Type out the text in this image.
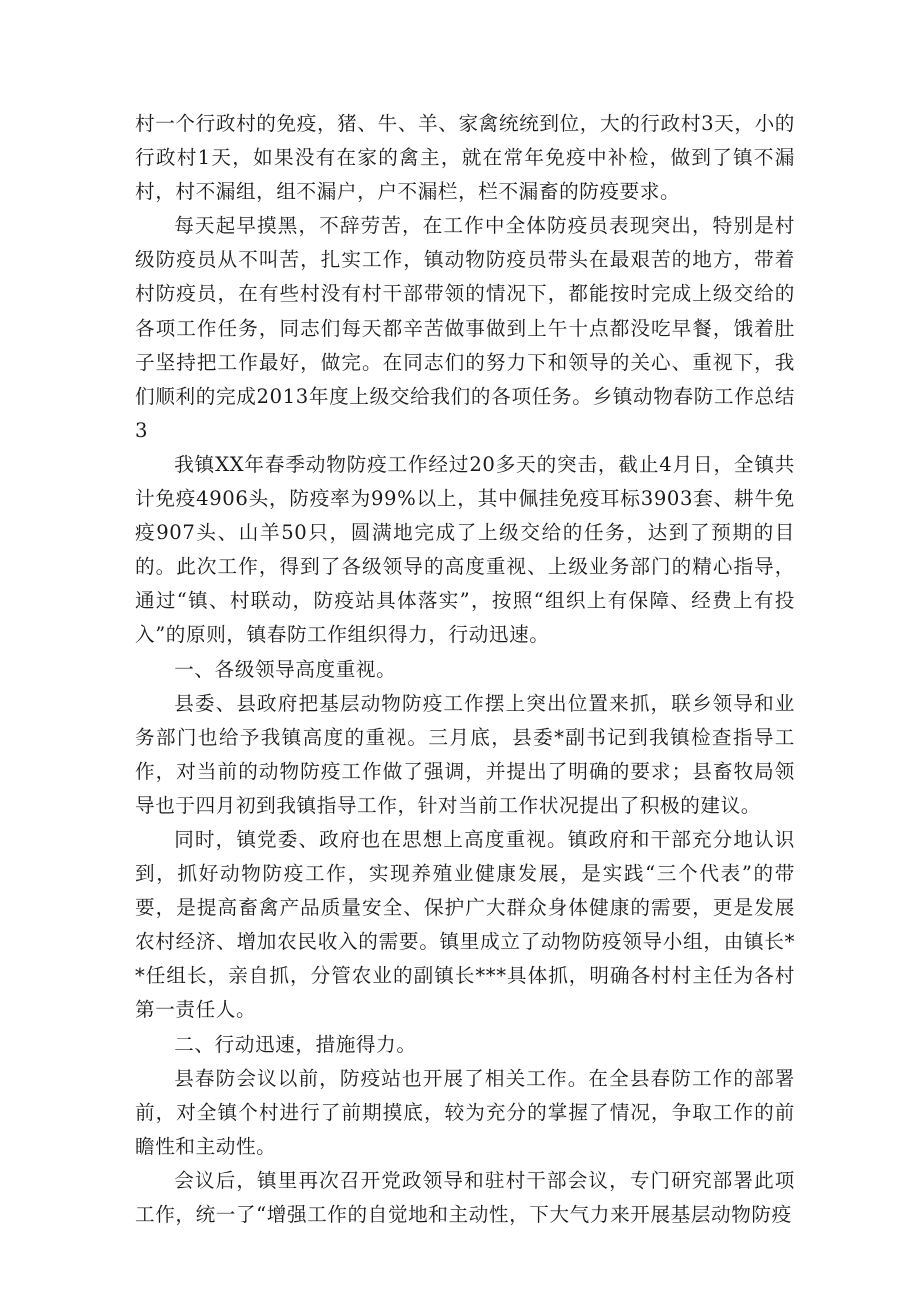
村一个行政村的免疫，猪、牛、羊、家禽统统到位，大的行政村3天，小的行政村1天，如果没有在家的禽主，就在常年免疫中补检，做到了镇不漏村，村不漏组，组不漏户，户不漏栏，栏不漏畜的防疫要求。

每天起早摸黑，不辞劳苦，在工作中全体防疫员表现突出，特别是村级防疫员从不叫苦，扎实工作，镇动物防疫员带头在最艰苦的地方，带着村防疫员，在有些村没有村干部带领的情况下，都能按时完成上级交给的各项工作任务，同志们每天都辛苦做事做到上午十点都没吃早餐，饿着肚子坚持把工作最好，做完。在同志们的努力下和领导的关心、重视下，我们顺利的完成2013年度上级交给我们的各项任务。乡镇动物春防工作总结3

我镇XX年春季动物防疫工作经过20多天的突击，截止4月日，全镇共计免疫4906头，防疫率为99%以上，其中佩挂免疫耳标3903套、耕牛免疫907头、山羊50只，圆满地完成了上级交给的任务，达到了预期的目的。此次工作，得到了各级领导的高度重视、上级业务部门的精心指导，通过“镇、村联动，防疫站具体落实”，按照“组织上有保障、经费上有投入”的原则，镇春防工作组织得力，行动迅速。

一、各级领导高度重视。

县委、县政府把基层动物防疫工作摆上突出位置来抓，联乡领导和业务部门也给予我镇高度的重视。三月底，县委*副书记到我镇检查指导工作，对当前的动物防疫工作做了强调，并提出了明确的要求；县畜牧局领导也于四月初到我镇指导工作，针对当前工作状况提出了积极的建议。

同时，镇党委、政府也在思想上高度重视。镇政府和干部充分地认识到，抓好动物防疫工作，实现养殖业健康发展，是实践“三个代表”的带要，是提高畜禽产品质量安全、保护广大群众身体健康的需要，更是发展农村经济、增加农民收入的需要。镇里成立了动物防疫领导小组，由镇长**任组长，亲自抓，分管农业的副镇长***具体抓，明确各村村主任为各村第一责任人。

二、行动迅速，措施得力。

县春防会议以前，防疫站也开展了相关工作。在全县春防工作的部署前，对全镇个村进行了前期摸底，较为充分的掌握了情况，争取工作的前瞻性和主动性。

会议后，镇里再次召开党政领导和驻村干部会议，专门研究部署此项工作，统一了“增强工作的自觉地和主动性，下大气力来开展基层动物防疫
